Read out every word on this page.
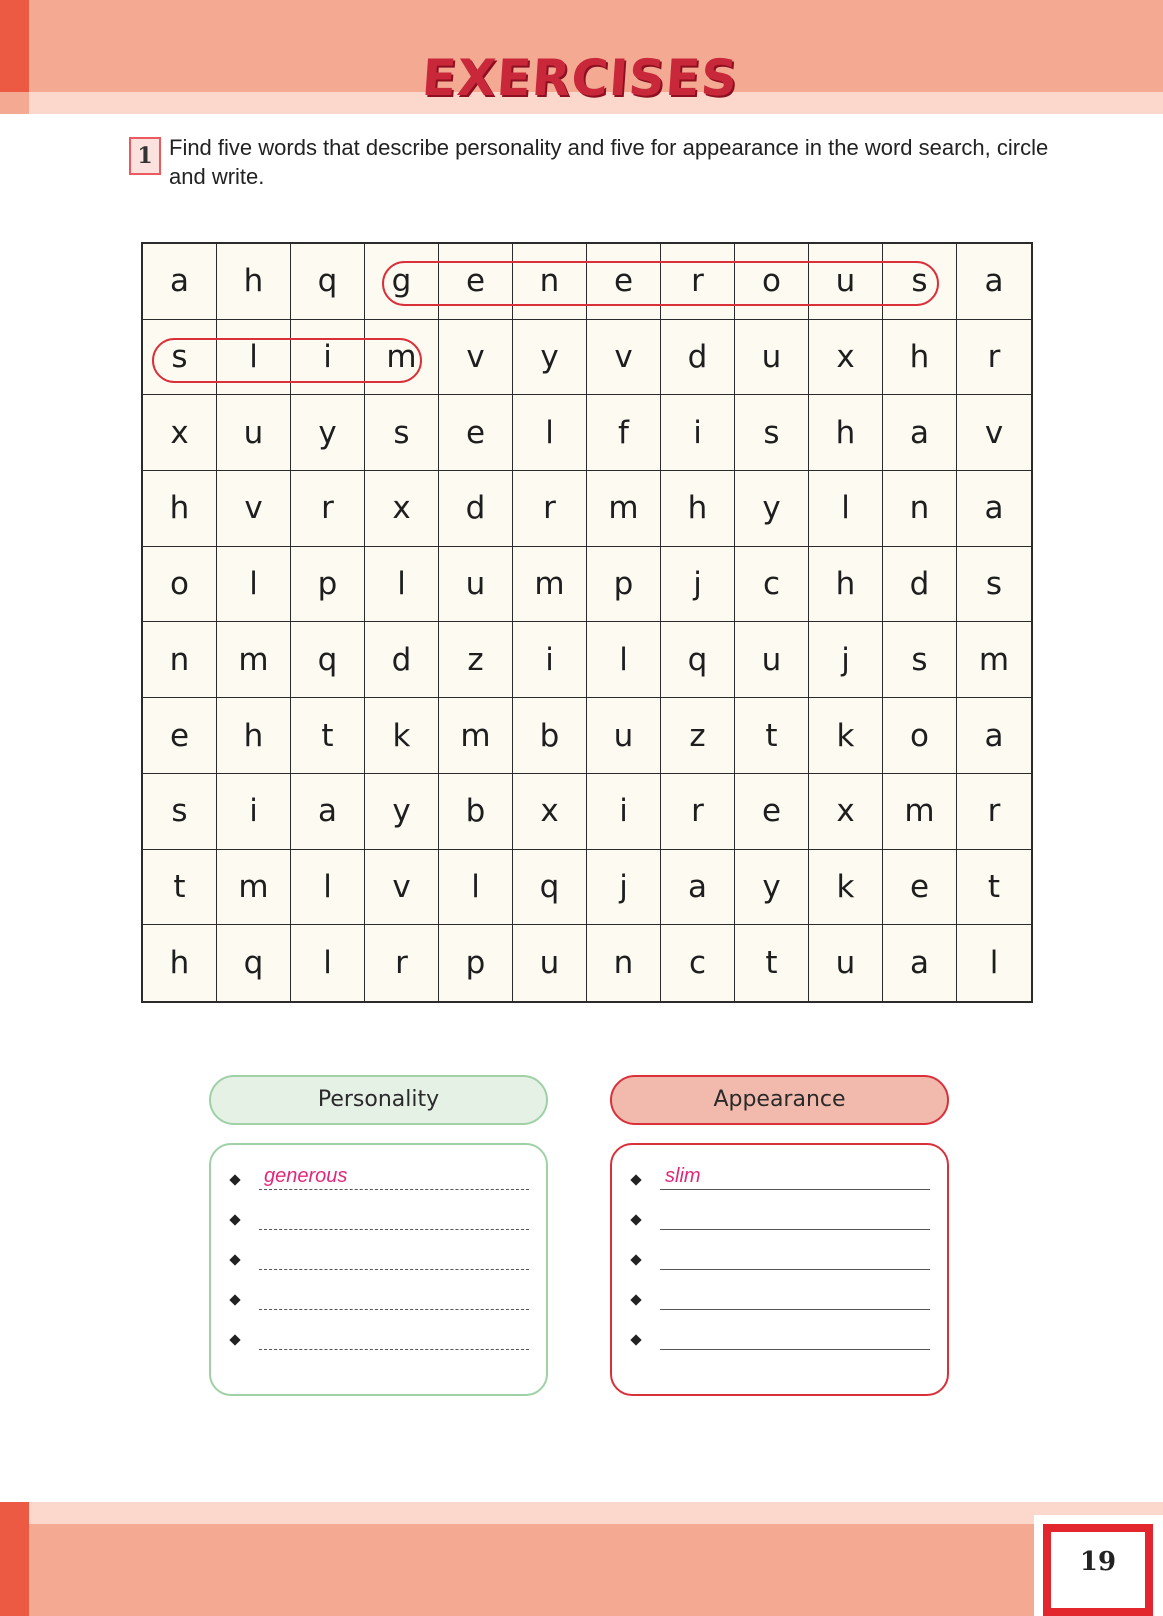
EXERCISES
1 Find five words that describe personality and five for appearance in the word search, circle and write.
a	h	q	g	e	n	e	r	o	u	s	a
s	l	i	m	v	y	v	d	u	x	h	r
x	u	y	s	e	l	f	i	s	h	a	v
h	v	r	x	d	r	m	h	y	l	n	a
o	l	p	l	u	m	p	j	c	h	d	s
n	m	q	d	z	i	l	q	u	j	s	m
e	h	t	k	m	b	u	z	t	k	o	a
s	i	a	y	b	x	i	r	e	x	m	r
t	m	l	v	l	q	j	a	y	k	e	t
h	q	l	r	p	u	n	c	t	u	a	l
Personality
generous
Appearance
slim
19
